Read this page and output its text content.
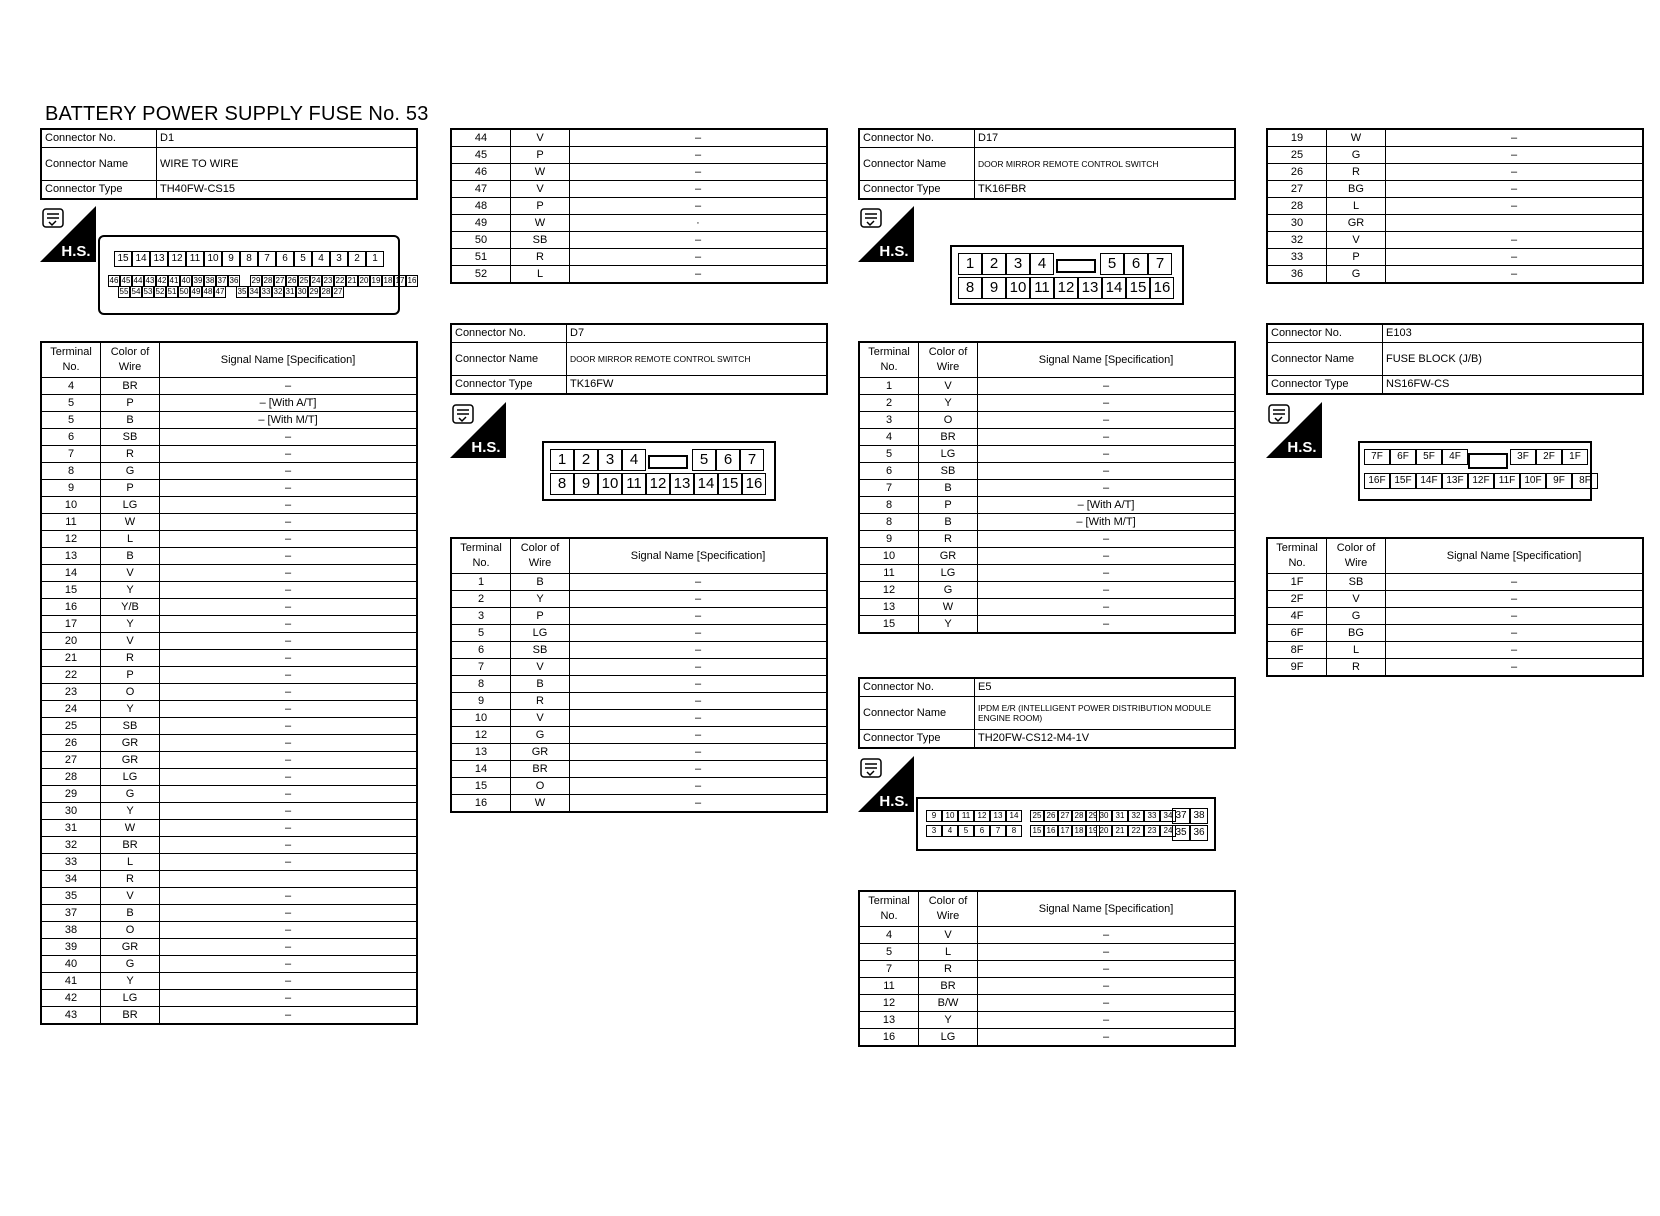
BATTERY POWER SUPPLY FUSE No. 53
Connector No.	D1
Connector Name	WIRE TO WIRE
Connector Type	TH40FW-CS15
H.S.	15 14 13 12 11 10 9	8	7	6	5	4	3	2	1
46 45 44 43 42 41 40 39 38 37 36 29 28 27 26 25 24 23 22 21 20 19 18 17 16
55 54 53 52 51 50 49 48 47 35 34 33 32 31 30 29 28 27
Terminal No.	Color of Wire	Signal Name [Specification]
4	BR	–
5	P	– [With A/T]
5	B	– [With M/T]
6	SB	–
7	R	–
8	G	–
9	P	–
10	LG	–
11	W	–
12	L	–
13	B	–
14	V	–
15	Y	–
16	Y/B	–
17	Y	–
20	V	–
21	R	–
22	P	–
23	O	–
24	Y	–
25	SB	–
26	GR	–
27	GR	–
28	LG	–
29	G	–
30	Y	–
31	W	–
32	BR	–
33	L	–
34	R	
35	V	–
37	B	–
38	O	–
39	GR	–
40	G	–
41	Y	–
42	LG	–
43	BR	–
44	V	–
45	P	–
46	W	–
47	V	–
48	P	–
49	W	·
50	SB	–
51	R	–
52	L	–
Connector No.	D7
Connector Name	DOOR MIRROR REMOTE CONTROL SWITCH
Connector Type	TK16FW
H.S.
1	2	3	4	5	6	7
8	9 10 11 12 13 14 15 16
Terminal No.	Color of Wire	Signal Name [Specification]
1	B	–
2	Y	–
3	P	–
5	LG	–
6	SB	–
7	V	–
8	B	–
9	R	–
10	V	–
12	G	–
13	GR	–
14	BR	–
15	O	–
16	W	–
Connector No.	D17
Connector Name	DOOR MIRROR REMOTE CONTROL SWITCH
Connector Type	TK16FBR
H.S.
1	2	3	4	5	6	7
8	9 10 11 12 13 14 15 16
Terminal No.	Color of Wire	Signal Name [Specification]
1	V	–
2	Y	–
3	O	–
4	BR	–
5	LG	–
6	SB	–
7	B	–
8	P	– [With A/T]
8	B	– [With M/T]
9	R	–
10	GR	–
11	LG	–
12	G	–
13	W	–
15	Y	–
Connector No.	E5
Connector Name	IPDM E/R (INTELLIGENT POWER DISTRIBUTION MODULE ENGINE ROOM)
Connector Type	TH20FW-CS12-M4-1V
H.S.
9	10 11 12 13 14
3	4	5	6	7	8
25 26 27 28 29
15 16 17 18 19
30 31 32 33 34
20 21 22 23 24
37 38
35 36
Terminal No.	Color of Wire	Signal Name [Specification]
4	V	–
5	L	–
7	R	–
11	BR	–
12	B/W	–
13	Y	–
16	LG	–
19	W	–
25	G	–
26	R	–
27	BG	–
28	L	–
30	GR	
32	V	–
33	P	–
36	G	–
Connector No.	E103
Connector Name	FUSE BLOCK (J/B)
Connector Type	NS16FW-CS
H.S.
7F	6F	5F	4F	3F	2F	1F
16F 15F 14F 13F 12F 11F 10F	9F	8F
Terminal No.	Color of Wire	Signal Name [Specification]
1F	SB	–
2F	V	–
4F	G	–
6F	BG	–
8F	L	–
9F	R	–
